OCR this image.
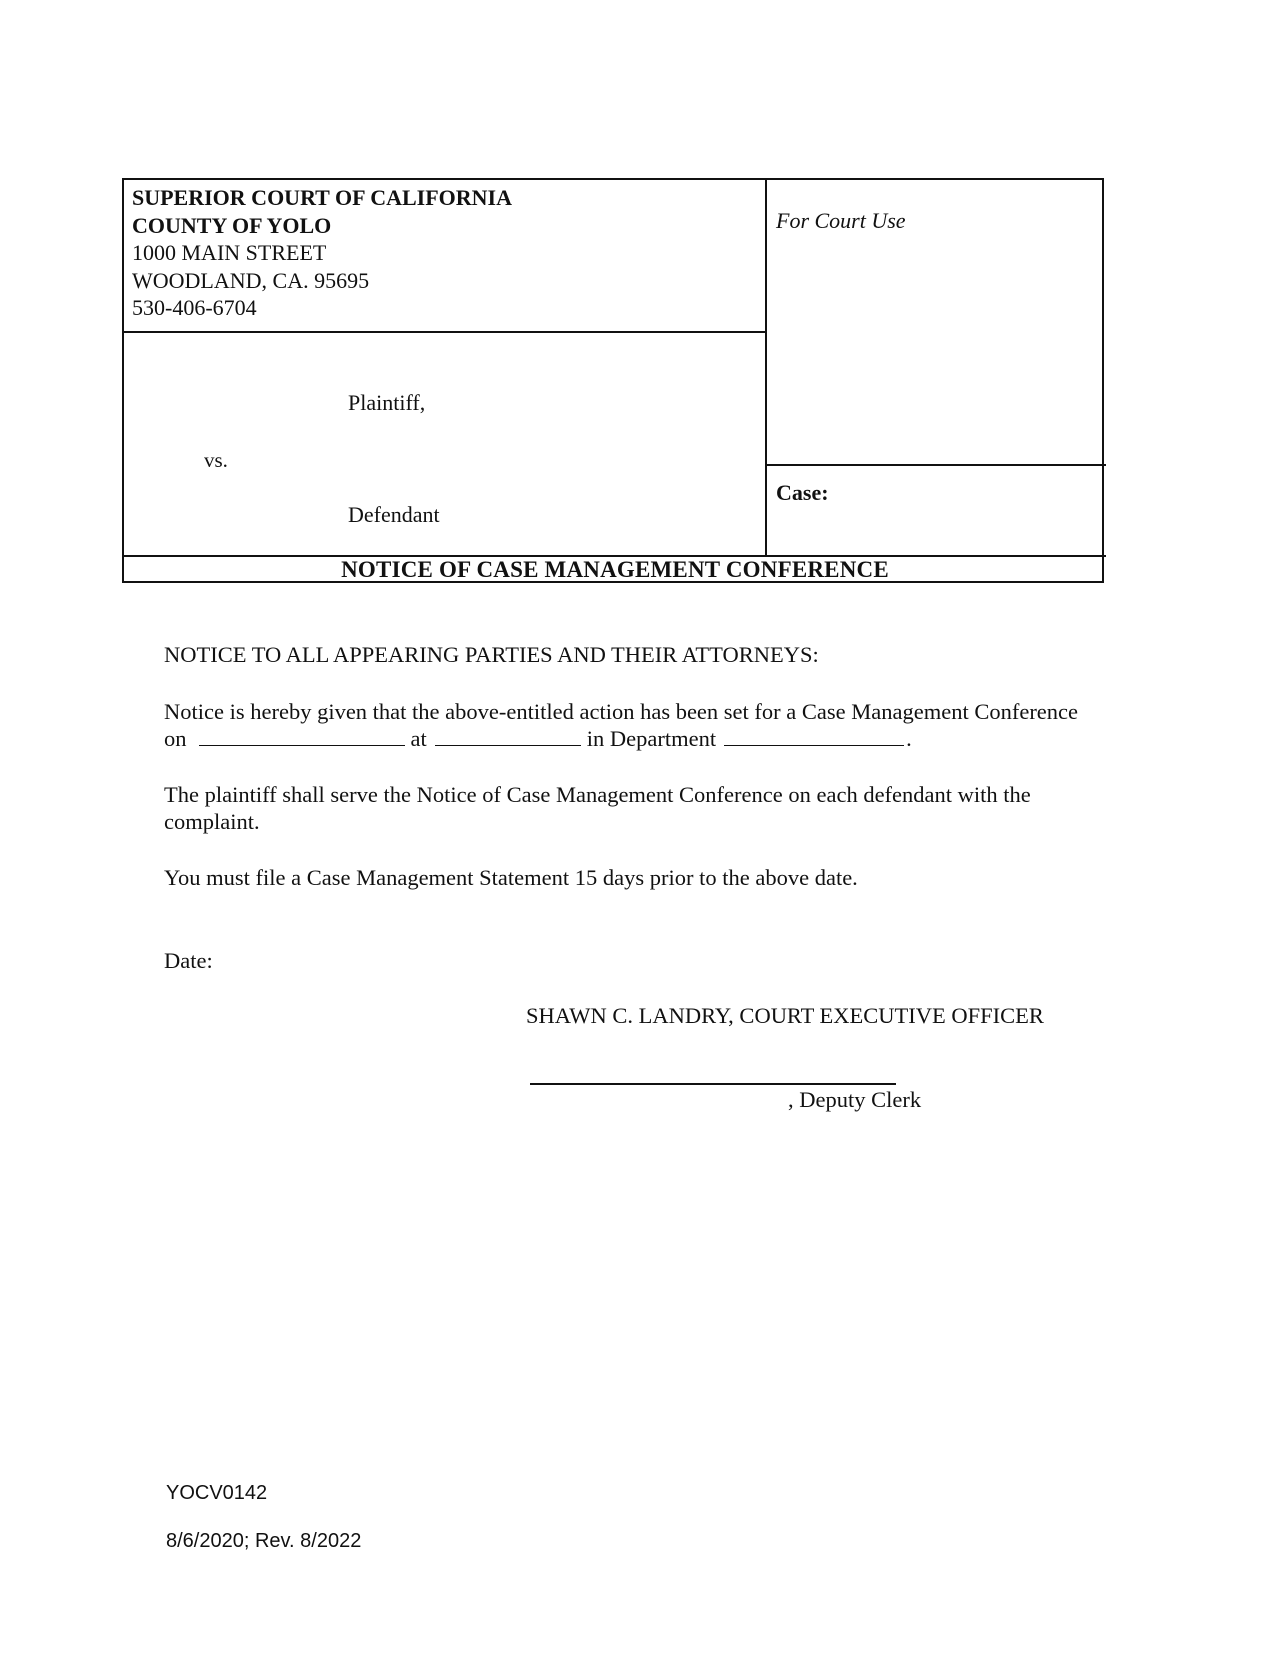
SUPERIOR COURT OF CALIFORNIA
COUNTY OF YOLO
1000 MAIN STREET
WOODLAND, CA. 95695
530-406-6704
For Court Use
Plaintiff,
vs.
Defendant
Case:
NOTICE OF CASE MANAGEMENT CONFERENCE
NOTICE TO ALL APPEARING PARTIES AND THEIR ATTORNEYS:
Notice is hereby given that the above-entitled action has been set for a Case Management Conference on	at	in Department	.
The plaintiff shall serve the Notice of Case Management Conference on each defendant with the complaint.
You must file a Case Management Statement 15 days prior to the above date.
Date:
SHAWN C. LANDRY, COURT EXECUTIVE OFFICER
, Deputy Clerk
YOCV0142
8/6/2020; Rev. 8/2022
